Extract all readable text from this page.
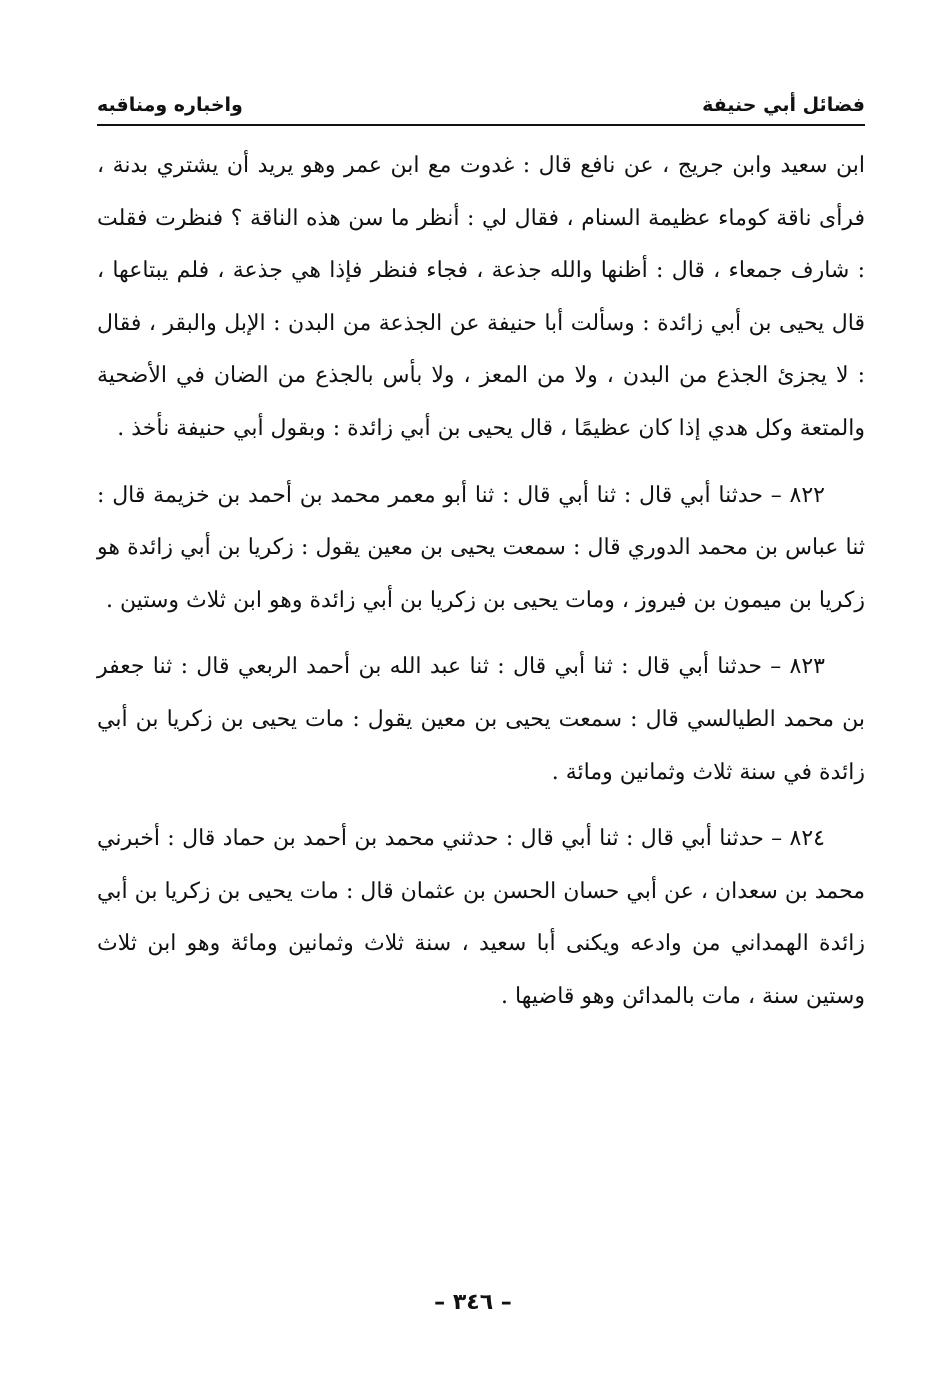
فضائل أبي حنيفة
واخباره ومناقبه

ابن سعيد وابن جريج ، عن نافع قال : غدوت مع ابن عمر وهو يريد أن يشتري بدنة ، فرأى ناقة كوماء عظيمة السنام ، فقال لي : أنظر ما سن هذه الناقة ؟ فنظرت فقلت : شارف جمعاء ، قال : أظنها والله جذعة ، فجاء فنظر فإذا هي جذعة ، فلم يبتاعها ، قال يحيى بن أبي زائدة : وسألت أبا حنيفة عن الجذعة من البدن : الإبل والبقر ، فقال : لا يجزئ الجذع من البدن ، ولا من المعز ، ولا بأس بالجذع من الضان في الأضحية والمتعة وكل هدي إذا كان عظيمًا ، قال يحيى بن أبي زائدة : وبقول أبي حنيفة نأخذ .

٨٢٢ – حدثنا أبي قال : ثنا أبي قال : ثنا أبو معمر محمد بن أحمد بن خزيمة قال : ثنا عباس بن محمد الدوري قال : سمعت يحيى بن معين يقول : زكريا بن أبي زائدة هو زكريا بن ميمون بن فيروز ، ومات يحيى بن زكريا بن أبي زائدة وهو ابن ثلاث وستين .

٨٢٣ – حدثنا أبي قال : ثنا أبي قال : ثنا عبد الله بن أحمد الربعي قال : ثنا جعفر بن محمد الطيالسي قال : سمعت يحيى بن معين يقول : مات يحيى بن زكريا بن أبي زائدة في سنة ثلاث وثمانين ومائة .

٨٢٤ – حدثنا أبي قال : ثنا أبي قال : حدثني محمد بن أحمد بن حماد قال : أخبرني محمد بن سعدان ، عن أبي حسان الحسن بن عثمان قال : مات يحيى بن زكريا بن أبي زائدة الهمداني من وادعه ويكنى أبا سعيد ، سنة ثلاث وثمانين ومائة وهو ابن ثلاث وستين سنة ، مات بالمدائن وهو قاضيها .

– ٣٤٦ –
